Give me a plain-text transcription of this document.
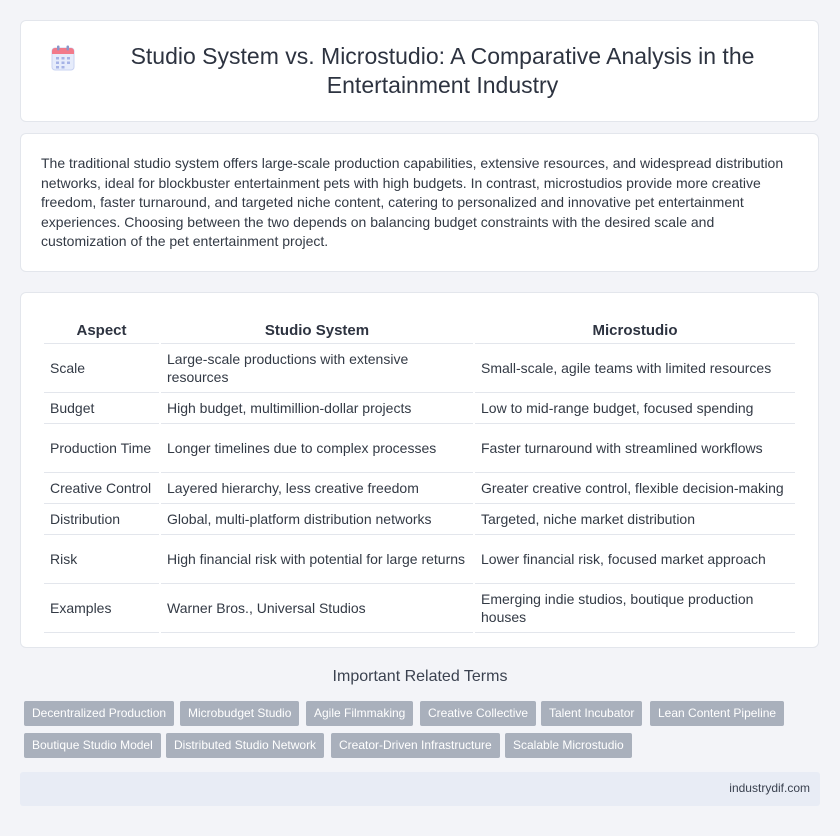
Studio System vs. Microstudio: A Comparative Analysis in the Entertainment Industry

The traditional studio system offers large-scale production capabilities, extensive resources, and widespread distribution networks, ideal for blockbuster entertainment pets with high budgets. In contrast, microstudios provide more creative freedom, faster turnaround, and targeted niche content, catering to personalized and innovative pet entertainment experiences. Choosing between the two depends on balancing budget constraints with the desired scale and customization of the pet entertainment project.

Aspect	Studio System	Microstudio
Scale	Large-scale productions with extensive resources	Small-scale, agile teams with limited resources
Budget	High budget, multimillion-dollar projects	Low to mid-range budget, focused spending
Production Time	Longer timelines due to complex processes	Faster turnaround with streamlined workflows
Creative Control	Layered hierarchy, less creative freedom	Greater creative control, flexible decision-making
Distribution	Global, multi-platform distribution networks	Targeted, niche market distribution
Risk	High financial risk with potential for large returns	Lower financial risk, focused market approach
Examples	Warner Bros., Universal Studios	Emerging indie studios, boutique production houses
Important Related Terms
Decentralized Production	Microbudget Studio	Agile Filmmaking	Creative Collective	Talent Incubator	Lean Content Pipeline
Boutique Studio Model	Distributed Studio Network	Creator-Driven Infrastructure	Scalable Microstudio
industrydif.com
